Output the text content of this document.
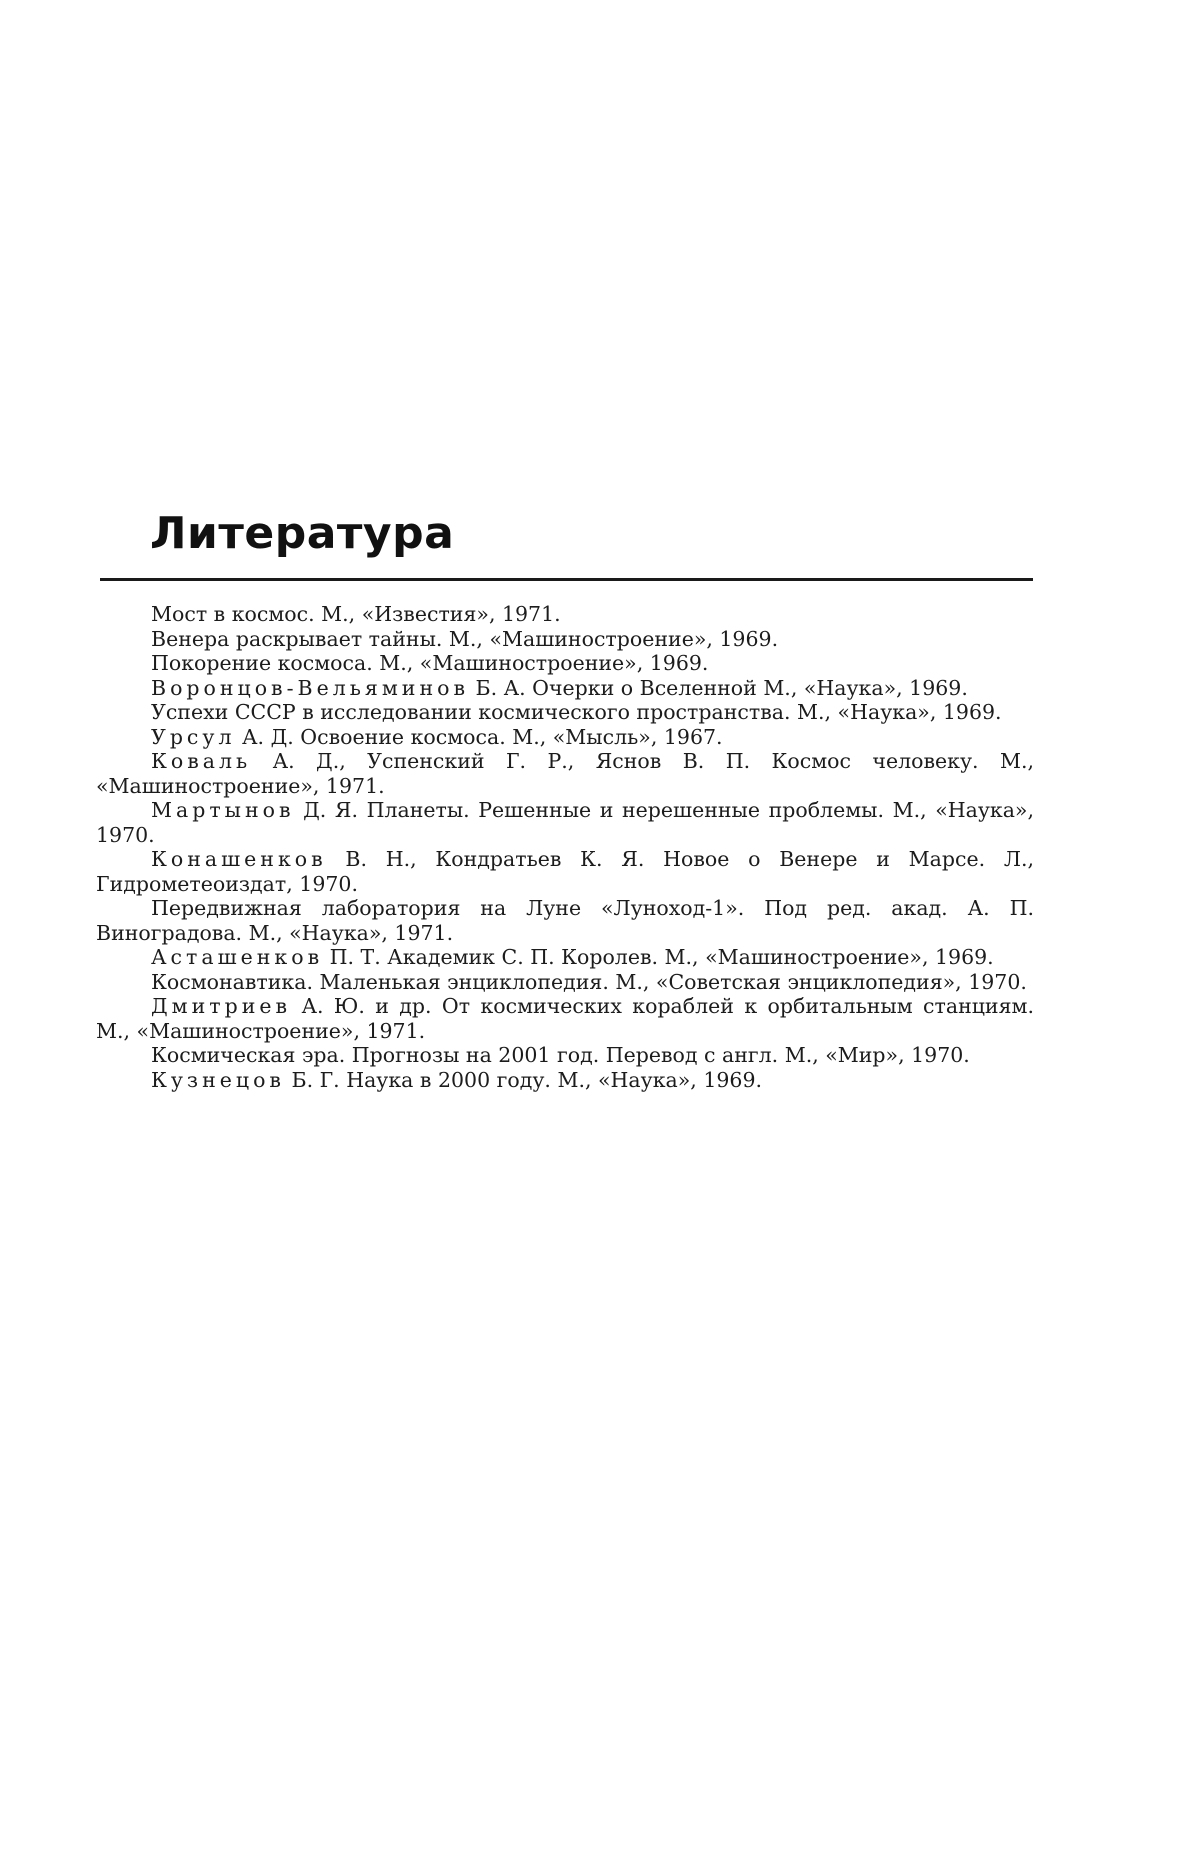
Литература
Мост в космос. М., «Известия», 1971.
Венера раскрывает тайны. М., «Машиностроение», 1969.
Покорение космоса. М., «Машиностроение», 1969.
Воронцов-Вельяминов Б. А. Очерки о Вселенной М., «Наука», 1969.
Успехи СССР в исследовании космического пространства. М., «Наука», 1969.
Урсул А. Д. Освоение космоса. М., «Мысль», 1967.
Коваль А. Д., Успенский Г. Р., Яснов В. П. Космос человеку. М., «Машиностроение», 1971.
Мартынов Д. Я. Планеты. Решенные и нерешенные проблемы. М., «Наука», 1970.
Конашенков В. Н., Кондратьев К. Я. Новое о Венере и Марсе. Л., Гидрометеоиздат, 1970.
Передвижная лаборатория на Луне «Луноход-1». Под ред. акад. А. П. Виноградова. М., «Наука», 1971.
Асташенков П. Т. Академик С. П. Королев. М., «Машиностроение», 1969.
Космонавтика. Маленькая энциклопедия. М., «Советская энциклопедия», 1970.
Дмитриев А. Ю. и др. От космических кораблей к орбитальным станциям. М., «Машиностроение», 1971.
Космическая эра. Прогнозы на 2001 год. Перевод с англ. М., «Мир», 1970.
Кузнецов Б. Г. Наука в 2000 году. М., «Наука», 1969.
